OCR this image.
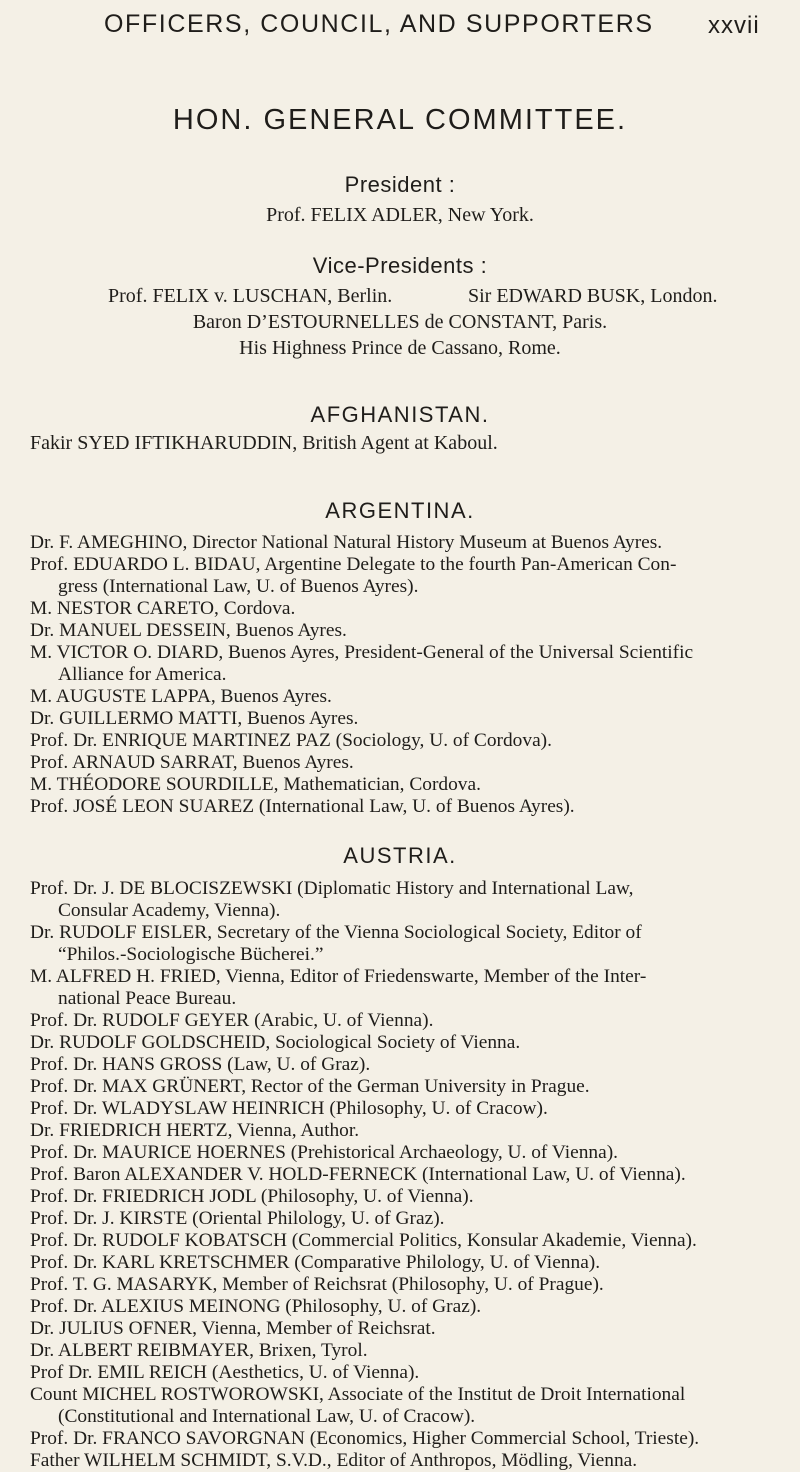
OFFICERS, COUNCIL, AND SUPPORTERS xxvii
HON. GENERAL COMMITTEE.
President :
Prof. FELIX ADLER, New York.
Vice-Presidents :
Prof. FELIX v. LUSCHAN, Berlin.	Sir EDWARD BUSK, London.
Baron D’ESTOURNELLES de CONSTANT, Paris.
His Highness Prince de Cassano, Rome.
AFGHANISTAN.
Fakir SYED IFTIKHARUDDIN, British Agent at Kaboul.
ARGENTINA.
Dr. F. AMEGHINO, Director National Natural History Museum at Buenos Ayres.
Prof. EDUARDO L. BIDAU, Argentine Delegate to the fourth Pan-American Con-
gress (International Law, U. of Buenos Ayres).
M. NESTOR CARETO, Cordova.
Dr. MANUEL DESSEIN, Buenos Ayres.
M. VICTOR O. DIARD, Buenos Ayres, President-General of the Universal Scientific
Alliance for America.
M. AUGUSTE LAPPA, Buenos Ayres.
Dr. GUILLERMO MATTI, Buenos Ayres.
Prof. Dr. ENRIQUE MARTINEZ PAZ (Sociology, U. of Cordova).
Prof. ARNAUD SARRAT, Buenos Ayres.
M. THÉODORE SOURDILLE, Mathematician, Cordova.
Prof. JOSÉ LEON SUAREZ (International Law, U. of Buenos Ayres).
AUSTRIA.
Prof. Dr. J. DE BLOCISZEWSKI (Diplomatic History and International Law,
Consular Academy, Vienna).
Dr. RUDOLF EISLER, Secretary of the Vienna Sociological Society, Editor of
“Philos.-Sociologische Bücherei.”
M. ALFRED H. FRIED, Vienna, Editor of Friedenswarte, Member of the Inter-
national Peace Bureau.
Prof. Dr. RUDOLF GEYER (Arabic, U. of Vienna).
Dr. RUDOLF GOLDSCHEID, Sociological Society of Vienna.
Prof. Dr. HANS GROSS (Law, U. of Graz).
Prof. Dr. MAX GRÜNERT, Rector of the German University in Prague.
Prof. Dr. WLADYSLAW HEINRICH (Philosophy, U. of Cracow).
Dr. FRIEDRICH HERTZ, Vienna, Author.
Prof. Dr. MAURICE HOERNES (Prehistorical Archaeology, U. of Vienna).
Prof. Baron ALEXANDER V. HOLD-FERNECK (International Law, U. of Vienna).
Prof. Dr. FRIEDRICH JODL (Philosophy, U. of Vienna).
Prof. Dr. J. KIRSTE (Oriental Philology, U. of Graz).
Prof. Dr. RUDOLF KOBATSCH (Commercial Politics, Konsular Akademie, Vienna).
Prof. Dr. KARL KRETSCHMER (Comparative Philology, U. of Vienna).
Prof. T. G. MASARYK, Member of Reichsrat (Philosophy, U. of Prague).
Prof. Dr. ALEXIUS MEINONG (Philosophy, U. of Graz).
Dr. JULIUS OFNER, Vienna, Member of Reichsrat.
Dr. ALBERT REIBMAYER, Brixen, Tyrol.
Prof Dr. EMIL REICH (Aesthetics, U. of Vienna).
Count MICHEL ROSTWOROWSKI, Associate of the Institut de Droit International
(Constitutional and International Law, U. of Cracow).
Prof. Dr. FRANCO SAVORGNAN (Economics, Higher Commercial School, Trieste).
Father WILHELM SCHMIDT, S.V.D., Editor of Anthropos, Mödling, Vienna.
